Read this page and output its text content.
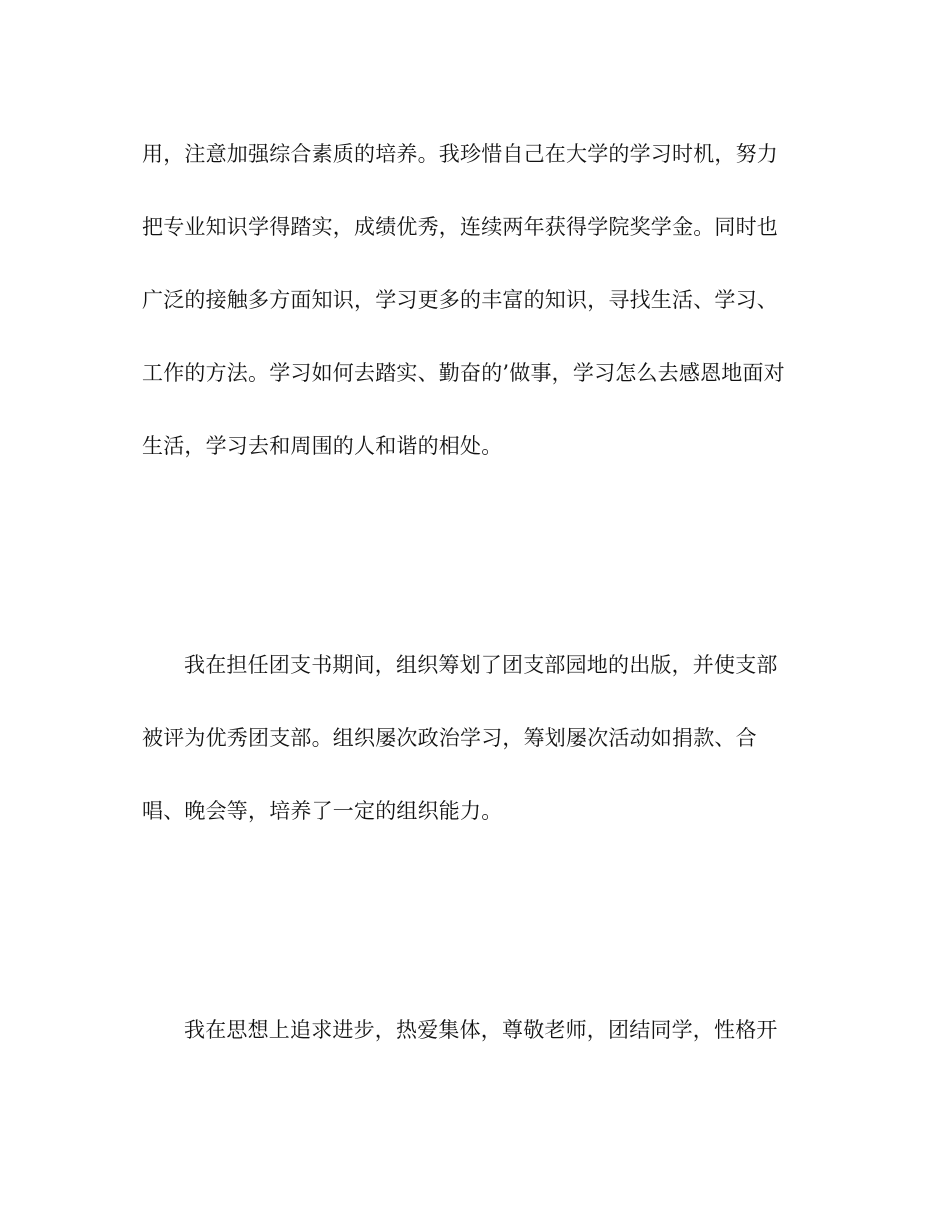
用，注意加强综合素质的培养。我珍惜自己在大学的学习时机，努力
把专业知识学得踏实，成绩优秀，连续两年获得学院奖学金。同时也
广泛的接触多方面知识，学习更多的丰富的知识，寻找生活、学习、
工作的方法。学习如何去踏实、勤奋的’做事，学习怎么去感恩地面对
生活，学习去和周围的人和谐的相处。
我在担任团支书期间，组织筹划了团支部园地的出版，并使支部
被评为优秀团支部。组织屡次政治学习，筹划屡次活动如捐款、合
唱、晚会等，培养了一定的组织能力。
我在思想上追求进步，热爱集体，尊敬老师，团结同学，性格开
